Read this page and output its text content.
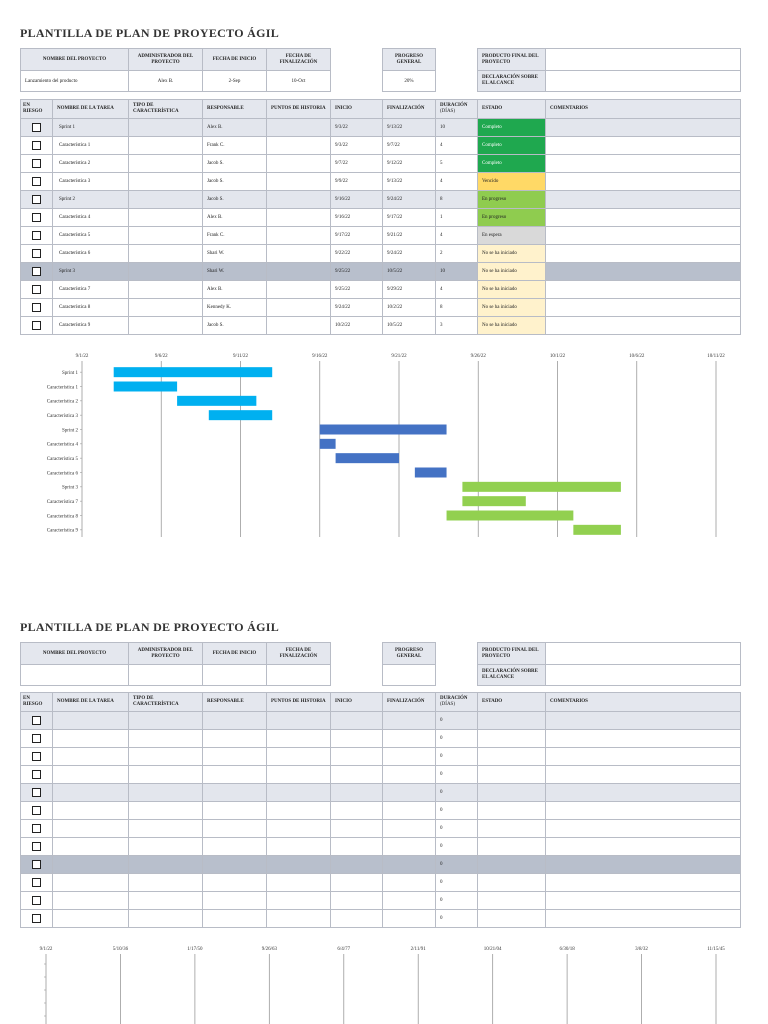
PLANTILLA DE PLAN DE PROYECTO ÁGIL
NOMBRE DEL PROYECTO	ADMINISTRADOR DEL PROYECTO	FECHA DE INICIO	FECHA DE FINALIZACIÓN		PROGRESO GENERAL		PRODUCTO FINAL DEL PROYECTO	
Lanzamiento del producto	Alex B.	2-Sep	10-Oct		20%		DECLARACIÓN SOBRE EL ALCANCE	
EN RIESGO	NOMBRE DE LA TAREA	TIPO DE CARACTERÍSTICA	RESPONSABLE	PUNTOS DE HISTORIA	INICIO	FINALIZACIÓN	DURACIÓN
(DÍAS)	ESTADO	COMENTARIOS
	Sprint 1		Alex B.		9/3/22	9/13/22	10	Completo	
	Característica 1		Frank C.		9/3/22	9/7/22	4	Completo	
	Característica 2		Jacob S.		9/7/22	9/12/22	5	Completo	
	Característica 3		Jacob S.		9/9/22	9/13/22	4	Vencido	
	Sprint 2		Jacob S.		9/16/22	9/24/22	8	En progreso	
	Característica 4		Alex B.		9/16/22	9/17/22	1	En progreso	
	Característica 5		Frank C.		9/17/22	9/21/22	4	En espera	
	Característica 6		Shari W.		9/22/22	9/24/22	2	No se ha iniciado	
	Sprint 3		Shari W.		9/25/22	10/5/22	10	No se ha iniciado	
	Característica 7		Alex B.		9/25/22	9/29/22	4	No se ha iniciado	
	Característica 8		Kennedy K.		9/24/22	10/2/22	8	No se ha iniciado	
	Característica 9		Jacob S.		10/2/22	10/5/22	3	No se ha iniciado	
9/1/22	9/6/22	9/11/22	9/16/22	9/21/22	9/26/22	10/1/22	10/6/22	10/11/22
Sprint 1
Característica 1
Característica 2
Característica 3
Sprint 2
Característica 4
Característica 5
Característica 6
Sprint 3
Característica 7
Característica 8
Característica 9
PLANTILLA DE PLAN DE PROYECTO ÁGIL
NOMBRE DEL PROYECTO	ADMINISTRADOR DEL PROYECTO	FECHA DE INICIO	FECHA DE FINALIZACIÓN		PROGRESO GENERAL		PRODUCTO FINAL DEL PROYECTO	
							DECLARACIÓN SOBRE EL ALCANCE	
EN RIESGO	NOMBRE DE LA TAREA	TIPO DE CARACTERÍSTICA	RESPONSABLE	PUNTOS DE HISTORIA	INICIO	FINALIZACIÓN	DURACIÓN
(DÍAS)	ESTADO	COMENTARIOS
							0		
							0		
							0		
							0		
							0		
							0		
							0		
							0		
							0		
							0		
							0		
							0		
9/1/22	5/10/36	1/17/50	9/26/63	6/4/77	2/11/91	10/21/04	6/30/18	3/8/32	11/15/45
